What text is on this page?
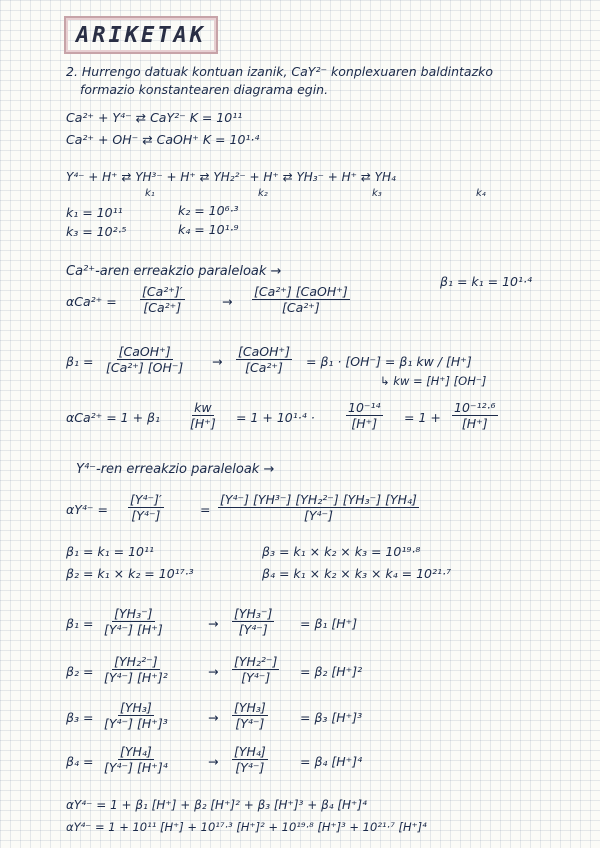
ARIKETAK
2. Hurrengo datuak kontuan izanik, CaY²⁻ konplexuaren baldintazko
formazio konstantearen diagrama egin.
Ca²⁺ + Y⁴⁻ ⇄ CaY²⁻ K = 10¹¹
Ca²⁺ + OH⁻ ⇄ CaOH⁺ K = 10¹·⁴
Y⁴⁻ + H⁺ ⇄ YH³⁻ + H⁺ ⇄ YH₂²⁻ + H⁺ ⇄ YH₃⁻ + H⁺ ⇄ YH₄
k₁	k₂	k₃	k₄
k₁ = 10¹¹	k₂ = 10⁶·³
k₃ = 10²·⁵	k₄ = 10¹·⁹
Ca²⁺-aren erreakzio paraleloak →
β₁ = k₁ = 10¹·⁴
$\alpha Ca^{2+} = \frac{\text{[Ca²⁺]′}}{\text{[Ca²⁺]}}$	→
[Ca²⁺] [CaOH⁺]
[Ca²⁺]
β₁ =
[CaOH⁺]
[Ca²⁺] [OH⁻] →
[CaOH⁺]
[Ca²⁺] = β₁ · [OH⁻] = β₁ kw / [H⁺]
↳ kw = [H⁺] [OH⁻]
$\alpha Ca^{2+} = 1 + \beta_1 \frac{kw}{[H^+]} = 1 + 10^1\cdot^4$ ·	$\frac{\text{10⁻¹⁴}}{[H^+]} = 1 + \frac{\text{10⁻¹²·⁶}}{[H^+]}$
Y⁴⁻-ren erreakzio paraleloak →
$\alpha Y^{4-} = \frac{\text{[Y⁴⁻]′}}{\text{[Y⁴⁻]}}$	= $\frac{\text{[Y⁴⁻] [YH³⁻] [YH₂²⁻] [YH₃⁻] [YH₄]}}{\text{[Y⁴⁻]}}$
β₁ = k₁ = 10¹¹
β₂ = k₁ × k₂ = 10¹⁷·³
β₃ = k₁ × k₂ × k₃ = 10¹⁹·⁸
β₄ = k₁ × k₂ × k₃ × k₄ = 10²¹·⁷
$\beta_1 = \frac{\text{[YH₃⁻]}}{\text{[Y⁴⁻] [H⁺]}}$	→ $\frac{\text{[YH₃⁻]}}{\text{[Y⁴⁻]}} = \beta_1$ [H⁺]
$\beta_2 = \frac{\text{[YH₂²⁻]}}{\text{[Y⁴⁻] [H⁺]²}}$	→ $\frac{\text{[YH₂²⁻]}}{\text{[Y⁴⁻]}} = \beta_2$ [H⁺]²
$\beta_3 = \frac{\text{[YH₃]}}{\text{[Y⁴⁻] [H⁺]³}}$	→ $\frac{\text{[YH₃]}}{\text{[Y⁴⁻]}}$	= β₃ [H⁺]³
$\beta_4 = \frac{\text{[YH₄]}}{\text{[Y⁴⁻] [H⁺]⁴}}$	→ $\frac{\text{[YH₄]}}{\text{[Y⁴⁻]}}$	= β₄ [H⁺]⁴
αY⁴⁻ = 1 + β₁ [H⁺] + β₂ [H⁺]² + β₃ [H⁺]³ + β₄ [H⁺]⁴
αY⁴⁻ = 1 + 10¹¹ [H⁺] + 10¹⁷·³ [H⁺]² + 10¹⁹·⁸ [H⁺]³ + 10²¹·⁷ [H⁺]⁴
